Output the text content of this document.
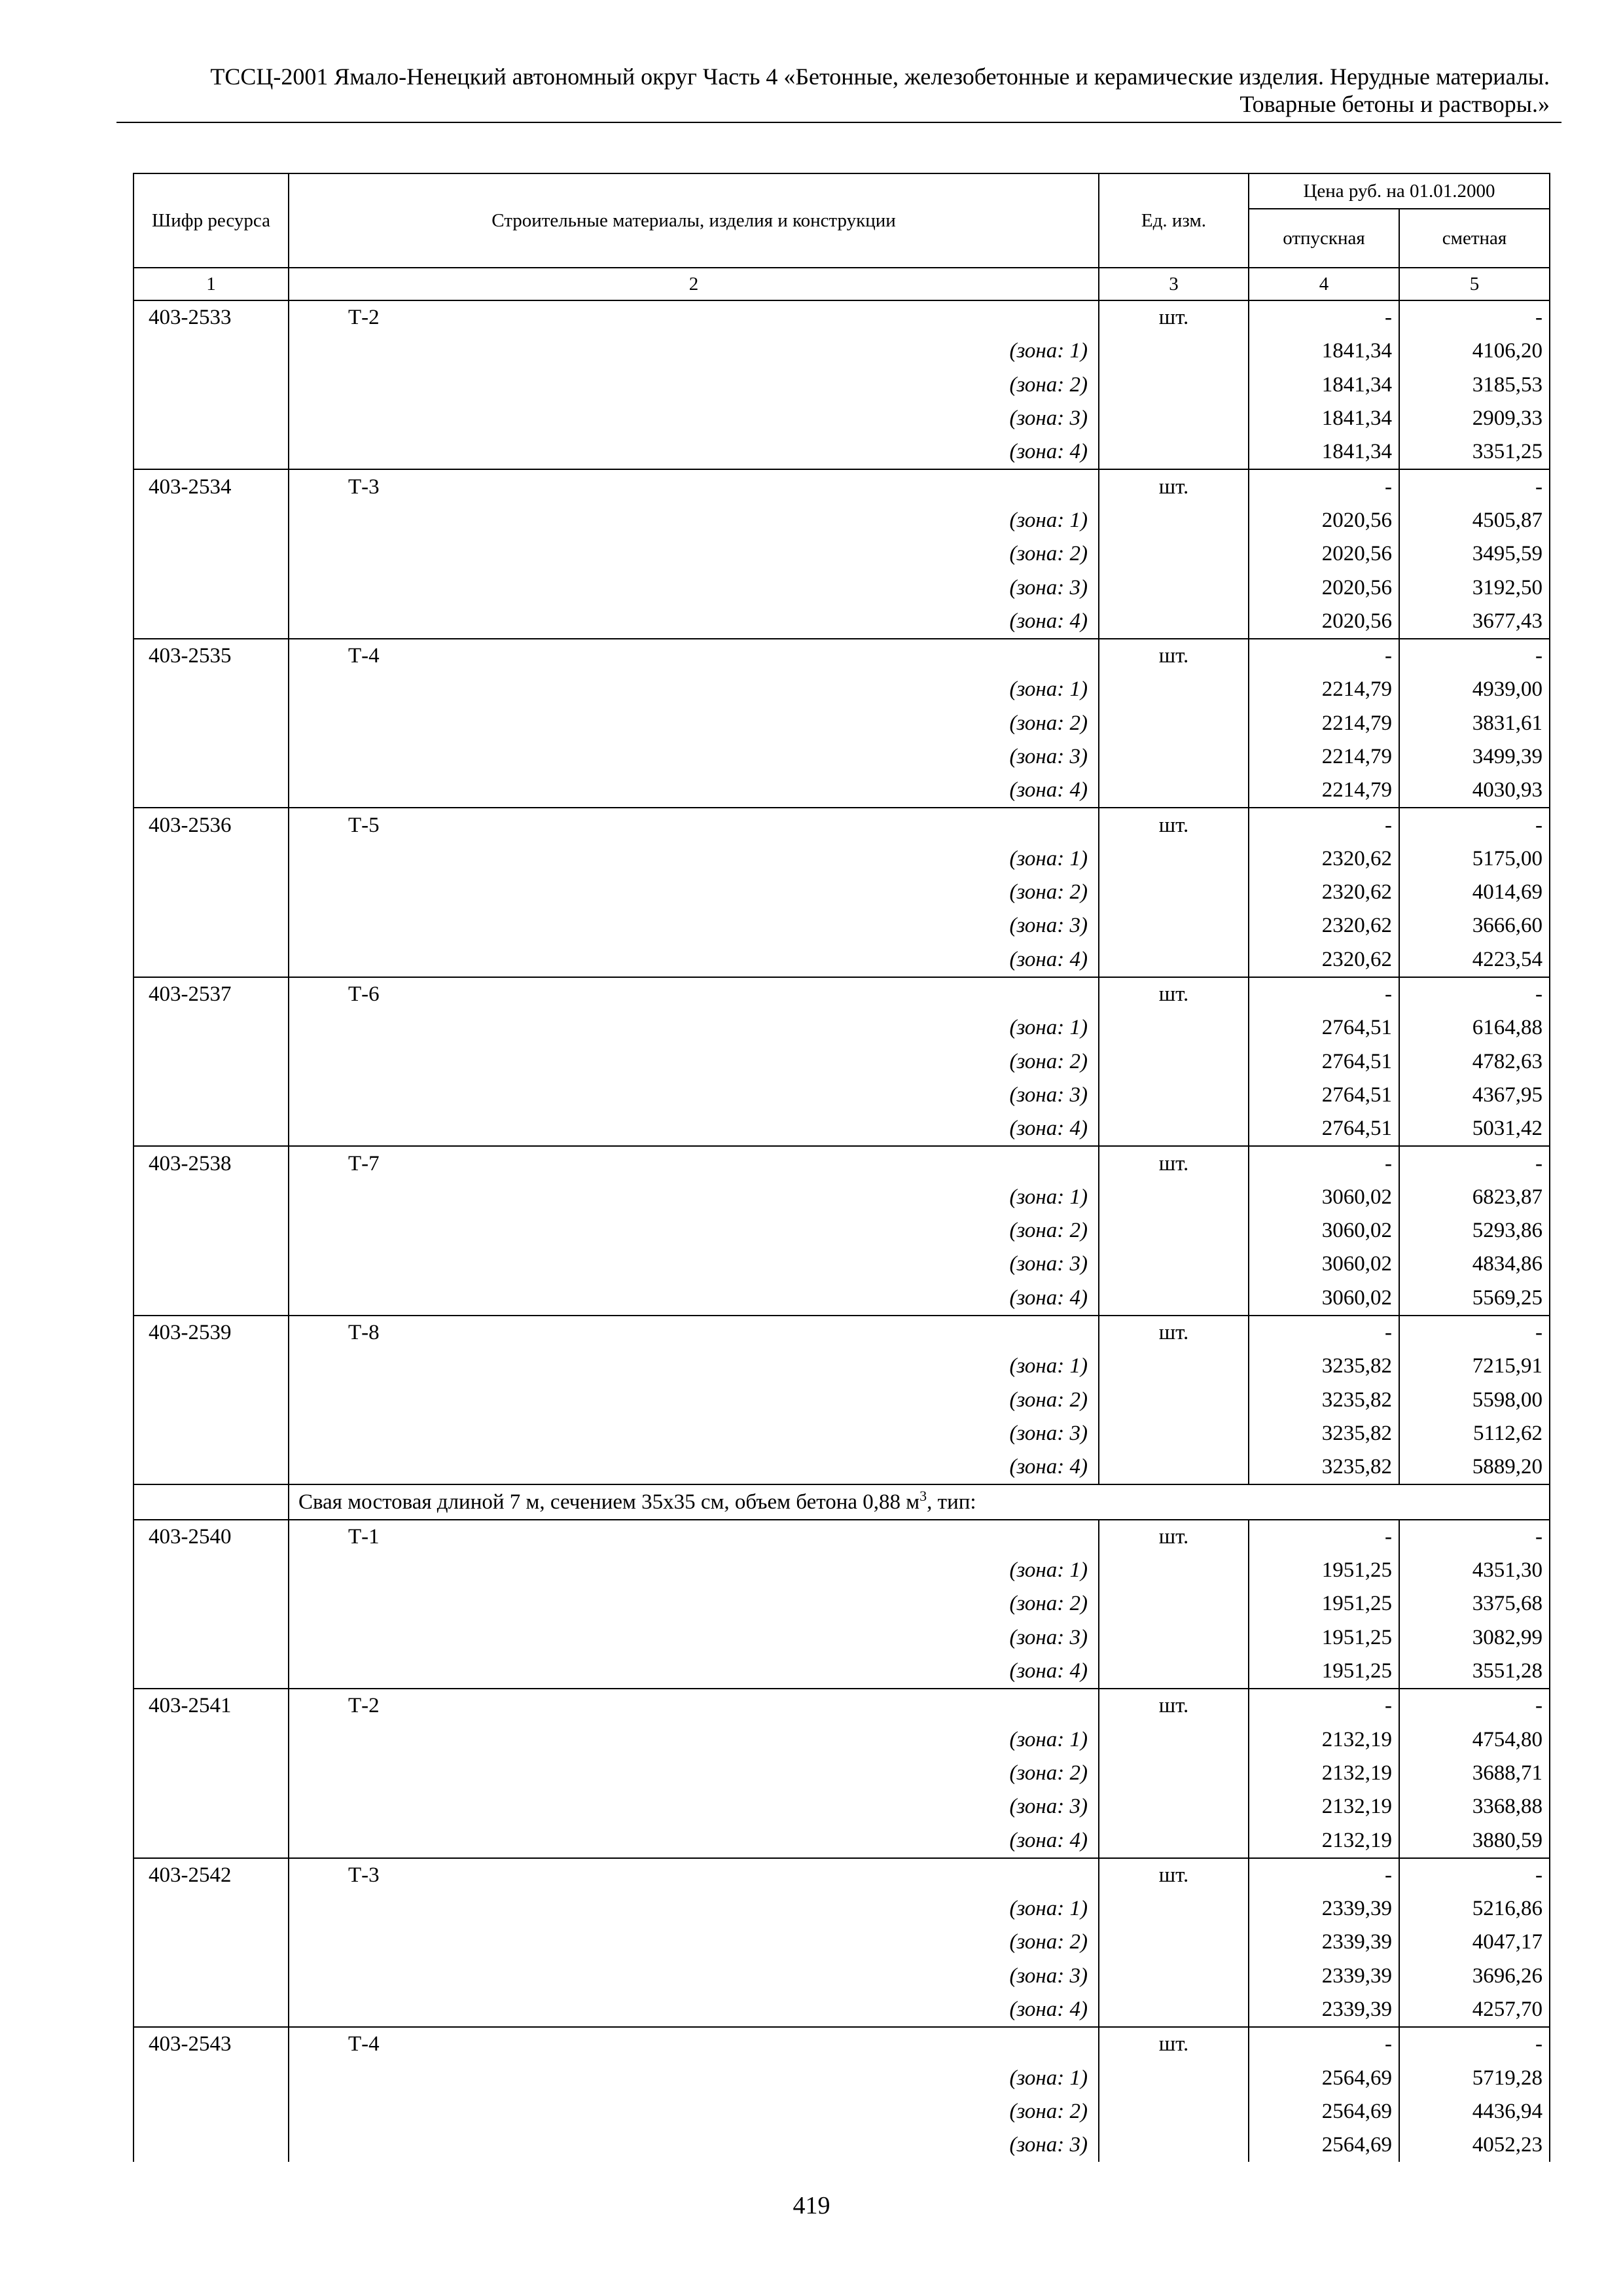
ТССЦ-2001 Ямало-Ненецкий автономный округ Часть 4 «Бетонные, железобетонные и керамические изделия. Нерудные материалы.
Товарные бетоны и растворы.»
Шифр ресурса	Строительные материалы, изделия и конструкции	Ед. изм.	Цена руб. на 01.01.2000	
			отпускная	сметная
1	2	3	4	5
403-2533	Т-2	шт.	-	-
	(зона: 1)		1841,34	4106,20
	(зона: 2)		1841,34	3185,53
	(зона: 3)		1841,34	2909,33
	(зона: 4)		1841,34	3351,25
403-2534	Т-3	шт.	-	-
	(зона: 1)		2020,56	4505,87
	(зона: 2)		2020,56	3495,59
	(зона: 3)		2020,56	3192,50
	(зона: 4)		2020,56	3677,43
403-2535	Т-4	шт.	-	-
	(зона: 1)		2214,79	4939,00
	(зона: 2)		2214,79	3831,61
	(зона: 3)		2214,79	3499,39
	(зона: 4)		2214,79	4030,93
403-2536	Т-5	шт.	-	-
	(зона: 1)		2320,62	5175,00
	(зона: 2)		2320,62	4014,69
	(зона: 3)		2320,62	3666,60
	(зона: 4)		2320,62	4223,54
403-2537	Т-6	шт.	-	-
	(зона: 1)		2764,51	6164,88
	(зона: 2)		2764,51	4782,63
	(зона: 3)		2764,51	4367,95
	(зона: 4)		2764,51	5031,42
403-2538	Т-7	шт.	-	-
	(зона: 1)		3060,02	6823,87
	(зона: 2)		3060,02	5293,86
	(зона: 3)		3060,02	4834,86
	(зона: 4)		3060,02	5569,25
403-2539	Т-8	шт.	-	-
	(зона: 1)		3235,82	7215,91
	(зона: 2)		3235,82	5598,00
	(зона: 3)		3235,82	5112,62
	(зона: 4)		3235,82	5889,20
	Свая мостовая длиной 7 м, сечением 35х35 см, объем бетона 0,88 $м^3$, тип:			
403-2540	Т-1	шт.	-	-
	(зона: 1)		1951,25	4351,30
	(зона: 2)		1951,25	3375,68
	(зона: 3)		1951,25	3082,99
	(зона: 4)		1951,25	3551,28
403-2541	Т-2	шт.	-	-
	(зона: 1)		2132,19	4754,80
	(зона: 2)		2132,19	3688,71
	(зона: 3)		2132,19	3368,88
	(зона: 4)		2132,19	3880,59
403-2542	Т-3	шт.	-	-
	(зона: 1)		2339,39	5216,86
	(зона: 2)		2339,39	4047,17
	(зона: 3)		2339,39	3696,26
	(зона: 4)		2339,39	4257,70
403-2543	Т-4	шт.	-	-
	(зона: 1)		2564,69	5719,28
	(зона: 2)		2564,69	4436,94
	(зона: 3)		2564,69	4052,23
419
